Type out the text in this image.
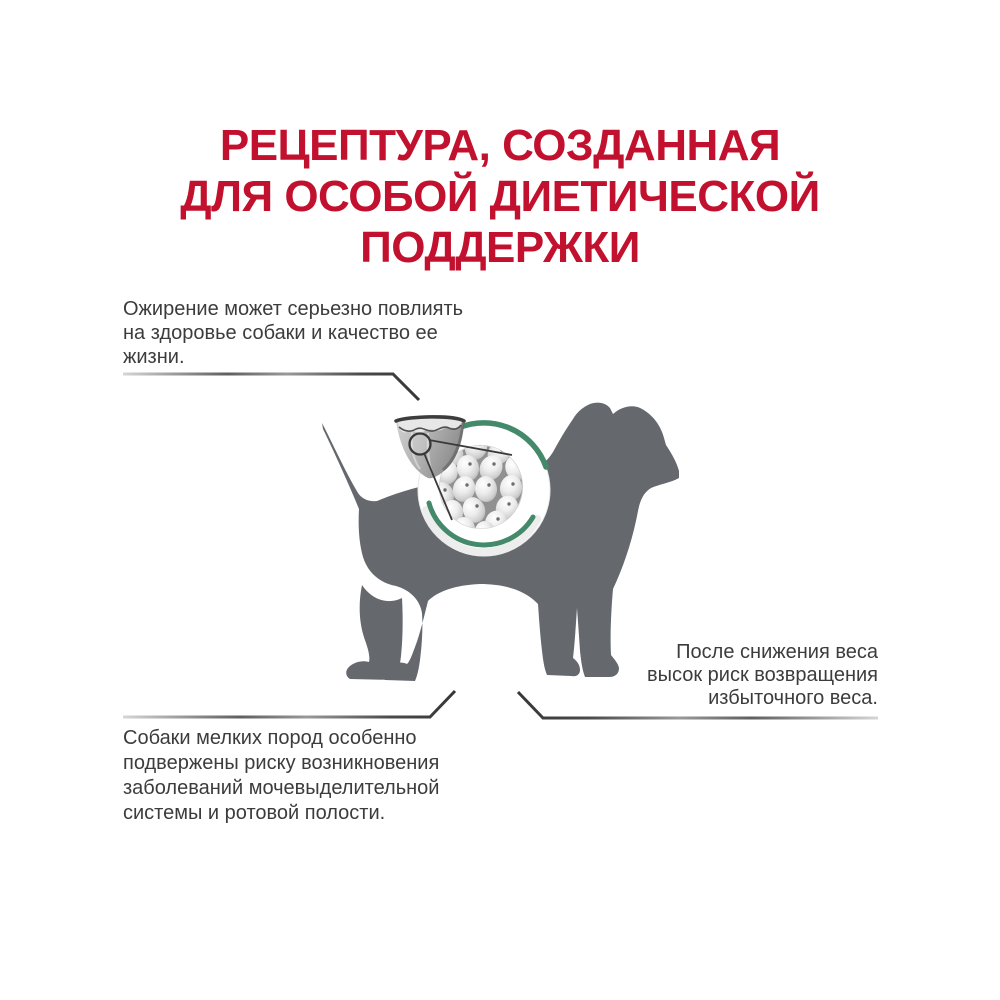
РЕЦЕПТУРА, СОЗДАННАЯ
ДЛЯ ОСОБОЙ ДИЕТИЧЕСКОЙ
ПОДДЕРЖКИ
Ожирение может серьезно повлиять
на здоровье собаки и качество ее
жизни.
После снижения веса
высок риск возвращения
избыточного веса.
Собаки мелких пород особенно
подвержены риску возникновения
заболеваний мочевыделительной
системы и ротовой полости.
